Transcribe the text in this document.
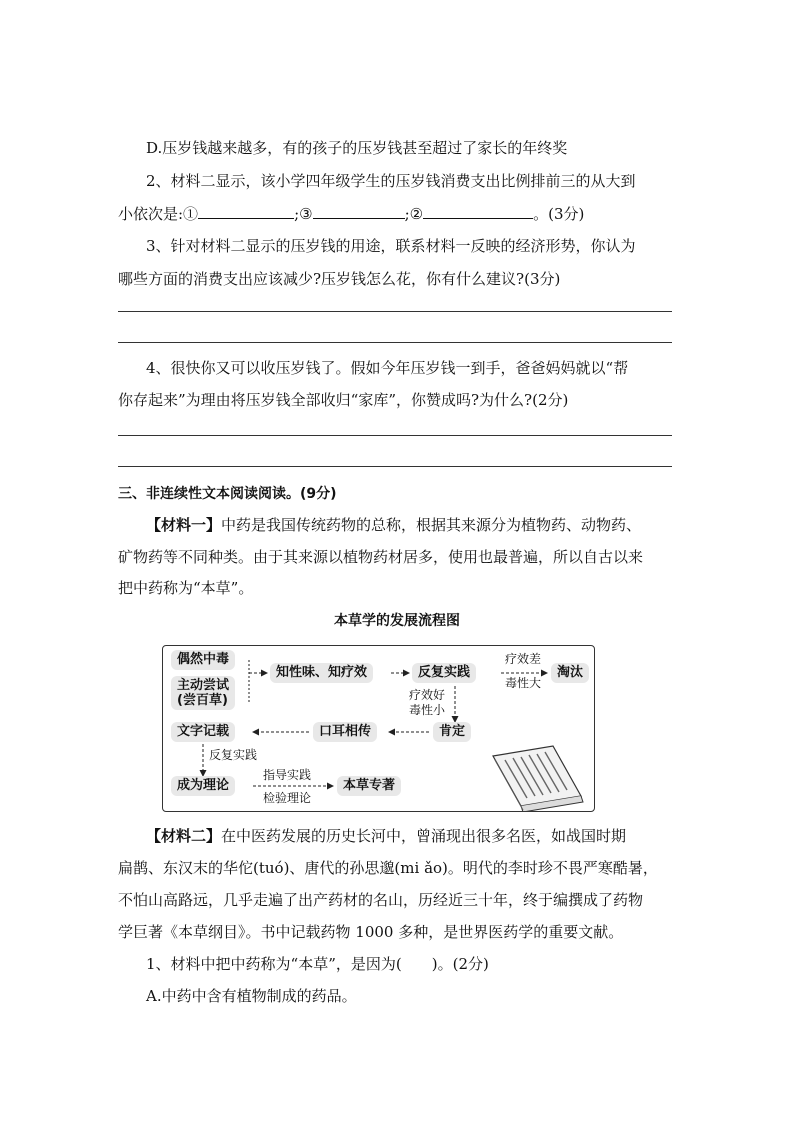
D.压岁钱越来越多，有的孩子的压岁钱甚至超过了家长的年终奖
2、材料二显示，该小学四年级学生的压岁钱消费支出比例排前三的从大到
小依次是:①	;③	;②	。(3分)
3、针对材料二显示的压岁钱的用途，联系材料一反映的经济形势，你认为
哪些方面的消费支出应该减少?压岁钱怎么花，你有什么建议?(3分)
4、很快你又可以收压岁钱了。假如今年压岁钱一到手，爸爸妈妈就以“帮
你存起来”为理由将压岁钱全部收归“家库”，你赞成吗?为什么?(2分)
三、非连续性文本阅读阅读。(9分)
【材料一】中药是我国传统药物的总称，根据其来源分为植物药、动物药、
矿物药等不同种类。由于其来源以植物药材居多，使用也最普遍，所以自古以来
把中药称为“本草”。
本草学的发展流程图
偶然中毒
主动尝试
(尝百草)
知性味、知疗效	反复实践	淘汰
疗效差
毒性大
疗效好
毒性小
肯定
口耳相传
文字记载
反复实践
成为理论
指导实践
检验理论
本草专著
【材料二】在中医药发展的历史长河中，曾涌现出很多名医，如战国时期
扁鹊、东汉末的华佗(tuó)、唐代的孙思邈(mi ǎo)。明代的李时珍不畏严寒酷暑，
不怕山高路远，几乎走遍了出产药材的名山，历经近三十年，终于编撰成了药物
学巨著《本草纲目》。书中记载药物 1000 多种，是世界医药学的重要文献。
1、材料中把中药称为“本草”，是因为(　　)。(2分)
A.中药中含有植物制成的药品。
